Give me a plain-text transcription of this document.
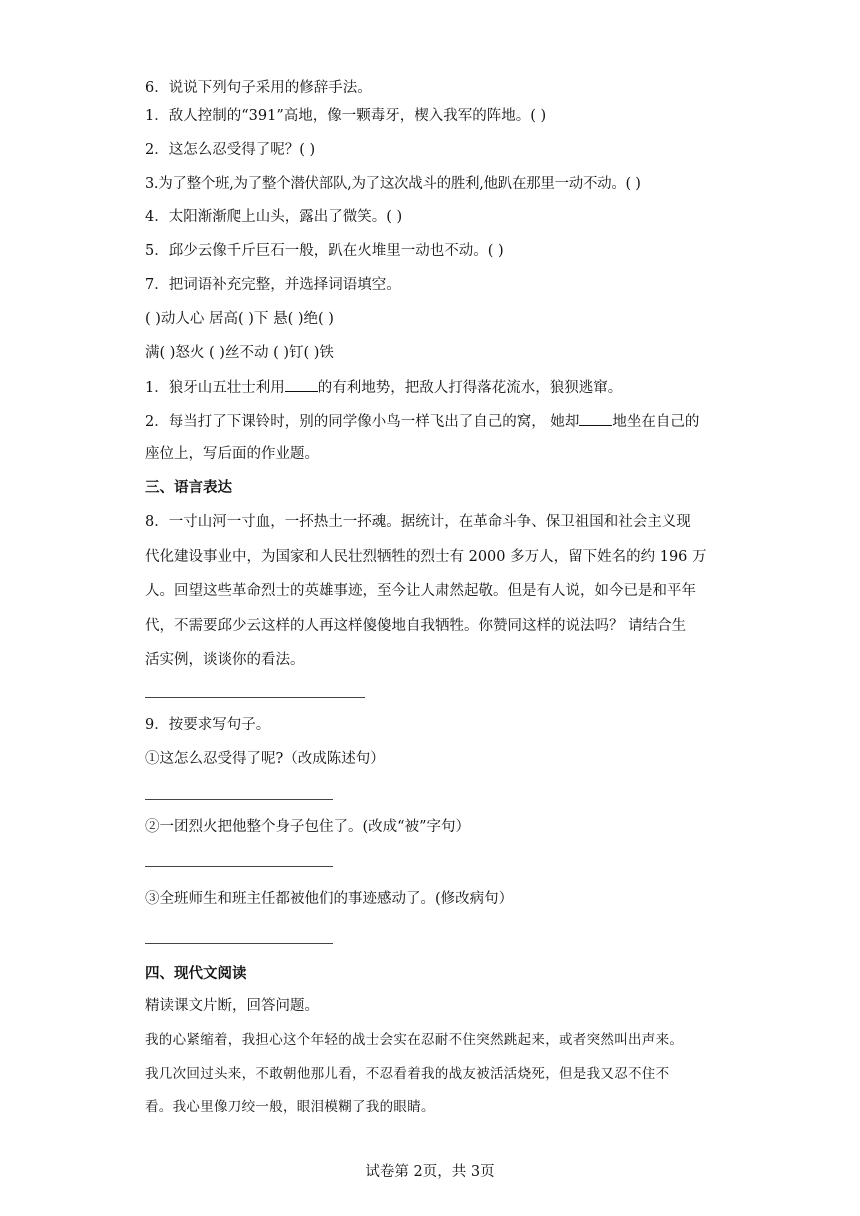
6．说说下列句子采用的修辞手法。
1．敌人控制的“391”高地，像一颗毒牙，楔入我军的阵地。( )
2．这怎么忍受得了呢？( )
3.为了整个班,为了整个潜伏部队,为了这次战斗的胜利,他趴在那里一动不动。( )
4．太阳渐渐爬上山头，露出了微笑。( )
5．邱少云像千斤巨石一般，趴在火堆里一动也不动。( )
7．把词语补充完整，并选择词语填空。
( )动人心 居高( )下 悬( )绝( )
满( )怒火 ( )丝不动 ( )钉( )铁
1．狼牙山五壮士利用 的有利地势，把敌人打得落花流水，狼狈逃窜。
2．每当打了下课铃时，别的同学像小鸟一样飞出了自己的窝， 她却 地坐在自己的
座位上，写后面的作业题。
三、语言表达
8．一寸山河一寸血，一抔热土一抔魂。据统计，在革命斗争、保卫祖国和社会主义现
代化建设事业中，为国家和人民壮烈牺牲的烈士有 2000 多万人，留下姓名的约 196 万
人。回望这些革命烈士的英雄事迹，至今让人肃然起敬。但是有人说，如今已是和平年
代，不需要邱少云这样的人再这样傻傻地自我牺牲。你赞同这样的说法吗？ 请结合生
活实例，谈谈你的看法。
9．按要求写句子。
①这怎么忍受得了呢?（改成陈述句）
②一团烈火把他整个身子包住了。(改成“被”字句）
③全班师生和班主任都被他们的事迹感动了。(修改病句）
四、现代文阅读
精读课文片断，回答问题。
我的心紧缩着，我担心这个年轻的战士会实在忍耐不住突然跳起来，或者突然叫出声来。
我几次回过头来，不敢朝他那儿看，不忍看着我的战友被活活烧死，但是我又忍不住不
看。我心里像刀绞一般，眼泪模糊了我的眼睛。
试卷第 2页，共 3页
